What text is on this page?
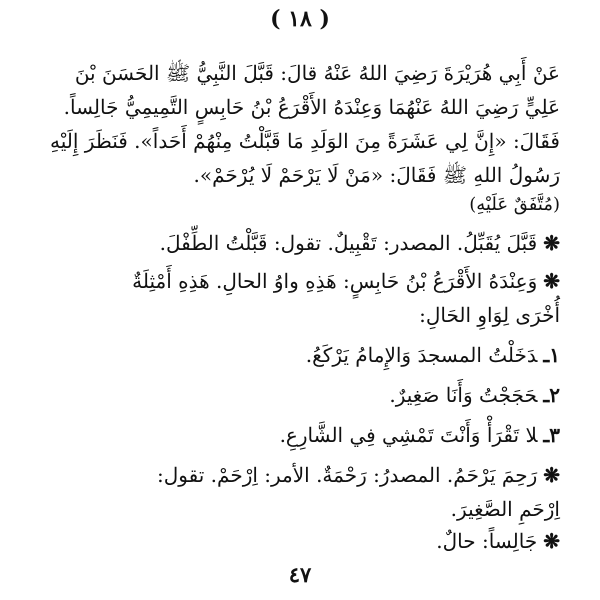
( ١٨ )
عَنْ أَبِي هُرَيْرَةَ رَضِيَ اللهُ عَنْهُ قالَ: قَبَّلَ النَّبِيُّ ﷺ الحَسَنَ بْنَ
عَلِيٍّ رَضِيَ اللهُ عَنْهُمَا وَعِنْدَهُ الأَقْرَعُ بْنُ حَابِسٍ التَّمِيمِيُّ جَالِساً.
فَقَالَ: «إِنَّ لِي عَشَرَةً مِنَ الوَلَدِ مَا قَبَّلْتُ مِنْهُمْ أَحَداً». فَنَظَرَ إِلَيْهِ
رَسُولُ اللهِ ﷺ فَقَالَ: «مَنْ لَا يَرْحَمْ لَا يُرْحَمْ».
(مُتَّفَقٌ عَلَيْهِ)
❋قَبَّلَ يُقَبِّلُ. المصدر: تَقْبِيلٌ. تقول: قَبَّلْتُ الطِّفْلَ.
❋وَعِنْدَهُ الأَقْرَعُ بْنُ حَابِسٍ: هَذِهِ واوُ الحالِ. هَذِهِ أَمْثِلَةٌ
أُخْرَى لِوَاوِ الحَالِ:
١ـدَخَلْتُ المسجدَ وَالإِمامُ يَرْكَعُ.
٢ـحَجَجْتُ وَأَنَا صَغِيرٌ.
٣ـلا تَقْرَأْ وَأَنْتَ تَمْشِي فِي الشَّارِعِ.
❋رَحِمَ يَرْحَمُ. المصدرُ: رَحْمَةٌ. الأمر: اِرْحَمْ. تقول:
اِرْحَمِ الصَّغِيرَ.
❋جَالِساً: حالٌ.
٤٧
